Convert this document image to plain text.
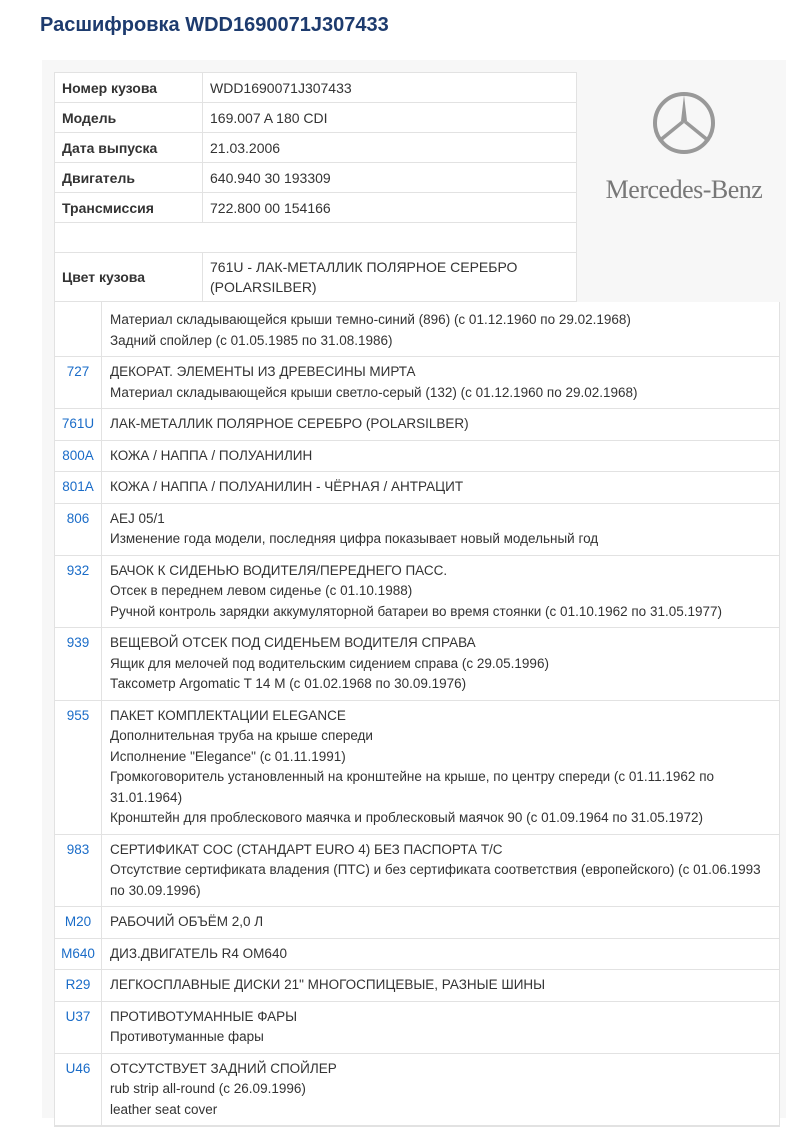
Расшифровка WDD1690071J307433
Номер кузова	WDD1690071J307433
Модель	169.007 A 180 CDI
Дата выпуска	21.03.2006
Двигатель	640.940 30 193309
Трансмиссия	722.800 00 154166

Цвет кузова	761U - ЛАК-МЕТАЛЛИК ПОЛЯРНОЕ СЕРЕБРО (POLARSILBER)
Mercedes-Benz
Материал складывающейся крыши темно-синий (896) (с 01.12.1960 по 29.02.1968)
Задний спойлер (с 01.05.1985 по 31.08.1986)
727	ДЕКОРАТ. ЭЛЕМЕНТЫ ИЗ ДРЕВЕСИНЫ МИРТА
Материал складывающейся крыши светло-серый (132) (с 01.12.1960 по 29.02.1968)
761U	ЛАК-МЕТАЛЛИК ПОЛЯРНОЕ СЕРЕБРО (POLARSILBER)
800A	КОЖА / НАППА / ПОЛУАНИЛИН
801A	КОЖА / НАППА / ПОЛУАНИЛИН - ЧЁРНАЯ / АНТРАЦИТ
806	AEJ 05/1
Изменение года модели, последняя цифра показывает новый модельный год
932	БАЧОК К СИДЕНЬЮ ВОДИТЕЛЯ/ПЕРЕДНЕГО ПАСС.
Отсек в переднем левом сиденье (с 01.10.1988)
Ручной контроль зарядки аккумуляторной батареи во время стоянки (с 01.10.1962 по 31.05.1977)
939	ВЕЩЕВОЙ ОТСЕК ПОД СИДЕНЬЕМ ВОДИТЕЛЯ СПРАВА
Ящик для мелочей под водительским сидением справа (с 29.05.1996)
Таксометр Argomatic T 14 M (с 01.02.1968 по 30.09.1976)
955	ПАКЕТ КОМПЛЕКТАЦИИ ELEGANCE
Дополнительная труба на крыше спереди
Исполнение "Elegance" (с 01.11.1991)
Громкоговоритель установленный на кронштейне на крыше, по центру спереди (с 01.11.1962 по 31.01.1964)
Кронштейн для проблескового маячка и проблесковый маячок 90 (с 01.09.1964 по 31.05.1972)
983	СЕРТИФИКАТ COC (СТАНДАРТ EURO 4) БЕЗ ПАСПОРТА Т/С
Отсутствие сертификата владения (ПТС) и без сертификата соответствия (европейского) (с 01.06.1993 по 30.09.1996)
M20	РАБОЧИЙ ОБЪЁМ 2,0 Л
M640	ДИЗ.ДВИГАТЕЛЬ R4 OM640
R29	ЛЕГКОСПЛАВНЫЕ ДИСКИ 21" МНОГОСПИЦЕВЫЕ, РАЗНЫЕ ШИНЫ
U37	ПРОТИВОТУМАННЫЕ ФАРЫ
Противотуманные фары
U46	ОТСУТСТВУЕТ ЗАДНИЙ СПОЙЛЕР
rub strip all-round (с 26.09.1996)
leather seat cover
